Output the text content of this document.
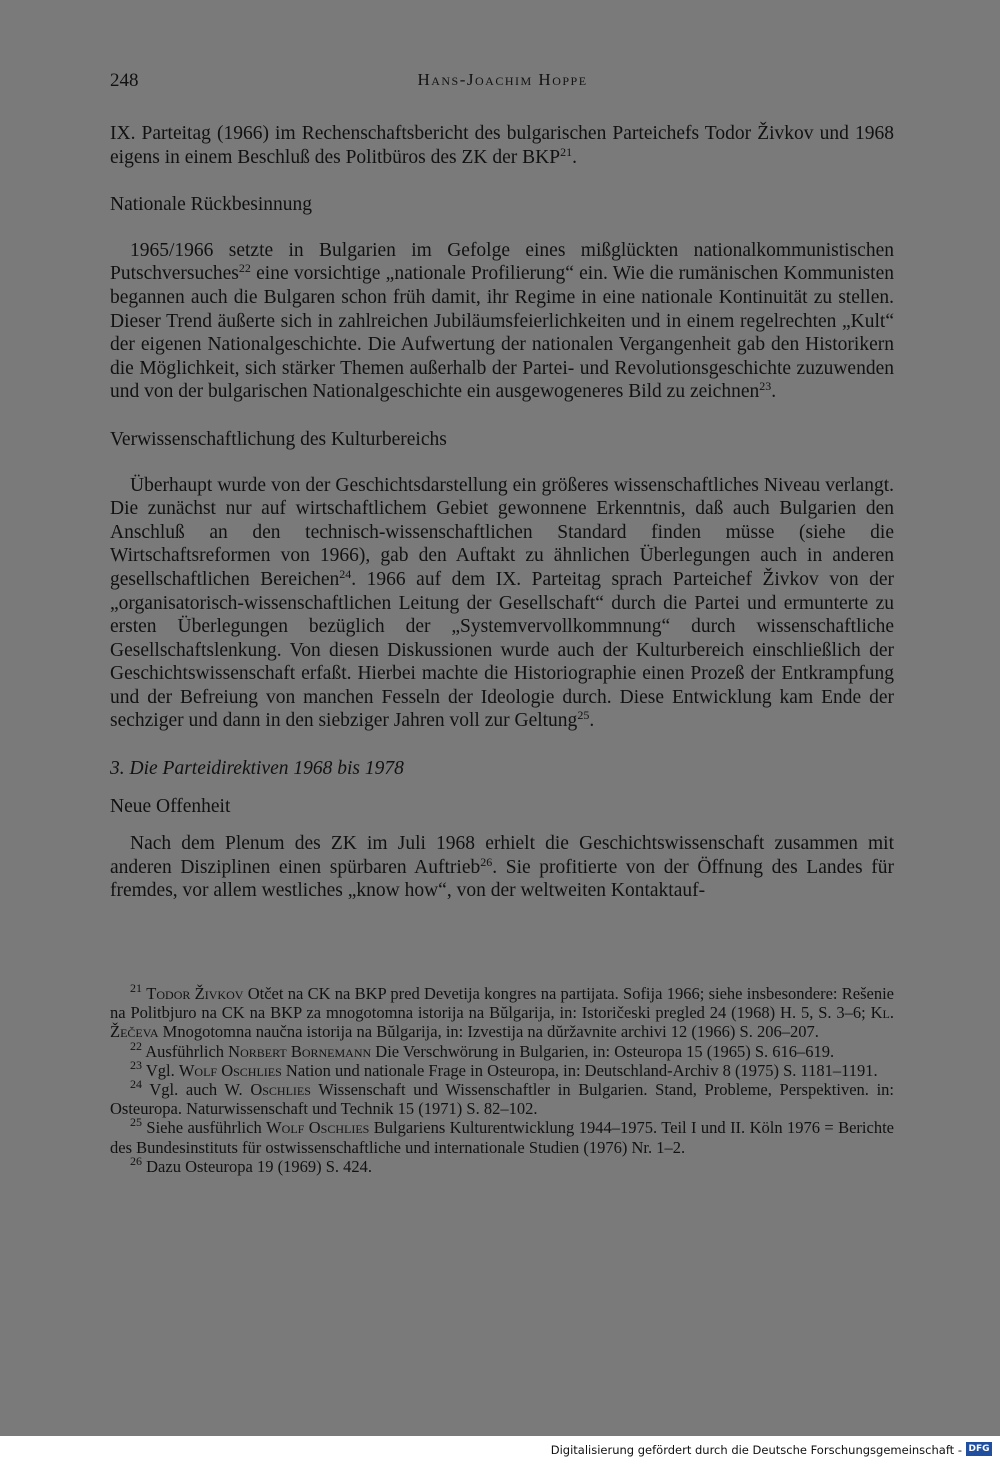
248	Hans-Joachim Hoppe

IX. Parteitag (1966) im Rechenschaftsbericht des bulgarischen Parteichefs Todor Živkov und 1968 eigens in einem Beschluß des Politbüros des ZK der BKP$^{21}$.

Nationale Rückbesinnung

1965/1966 setzte in Bulgarien im Gefolge eines mißglückten nationalkommunistischen Putschversuches$^{22}$ eine vorsichtige „nationale Profilierung“ ein. Wie die rumänischen Kommunisten begannen auch die Bulgaren schon früh damit, ihr Regime in eine nationale Kontinuität zu stellen. Dieser Trend äußerte sich in zahlreichen Jubiläumsfeierlichkeiten und in einem regelrechten „Kult“ der eigenen Nationalgeschichte. Die Aufwertung der nationalen Vergangenheit gab den Historikern die Möglichkeit, sich stärker Themen außerhalb der Partei- und Revolutionsgeschichte zuzuwenden und von der bulgarischen Nationalgeschichte ein ausgewogeneres Bild zu zeichnen$^{23}$.

Verwissenschaftlichung des Kulturbereichs

Überhaupt wurde von der Geschichtsdarstellung ein größeres wissenschaftliches Niveau verlangt. Die zunächst nur auf wirtschaftlichem Gebiet gewonnene Erkenntnis, daß auch Bulgarien den Anschluß an den technisch-wissenschaftlichen Standard finden müsse (siehe die Wirtschaftsreformen von 1966), gab den Auftakt zu ähnlichen Überlegungen auch in anderen gesellschaftlichen Bereichen$^{24}$. 1966 auf dem IX. Parteitag sprach Parteichef Živkov von der „organisatorisch-wissenschaftlichen Leitung der Gesellschaft“ durch die Partei und ermunterte zu ersten Überlegungen bezüglich der „Systemvervollkommnung“ durch wissenschaftliche Gesellschaftslenkung. Von diesen Diskussionen wurde auch der Kulturbereich einschließlich der Geschichtswissenschaft erfaßt. Hierbei machte die Historiographie einen Prozeß der Entkrampfung und der Befreiung von manchen Fesseln der Ideologie durch. Diese Entwicklung kam Ende der sechziger und dann in den siebziger Jahren voll zur Geltung$^{25}$.

3. Die Parteidirektiven 1968 bis 1978
Neue Offenheit

Nach dem Plenum des ZK im Juli 1968 erhielt die Geschichtswissenschaft zusammen mit anderen Disziplinen einen spürbaren Auftrieb$^{26}$. Sie profitierte von der Öffnung des Landes für fremdes, vor allem westliches „know how“, von der weltweiten Kontaktauf-

$^{21}$ Todor Živkov Otčet na CK na BKP pred Devetija kongres na partijata. Sofija 1966; siehe insbesondere: Rešenie na Politbjuro na CK na BKP za mnogotomna istorija na Bŭlgarija, in: Istoričeski pregled 24 (1968) H. 5, S. 3–6; Kl. Žečeva Mnogotomna naučna istorija na Bŭlgarija, in: Izvestija na dŭržavnite archivi 12 (1966) S. 206–207.

$^{22}$ Ausführlich Norbert Bornemann Die Verschwörung in Bulgarien, in: Osteuropa 15 (1965) S. 616–619.

$^{23}$ Vgl. Wolf Oschlies Nation und nationale Frage in Osteuropa, in: Deutschland-Archiv 8 (1975) S. 1181–1191.

$^{24}$ Vgl. auch W. Oschlies Wissenschaft und Wissenschaftler in Bulgarien. Stand, Probleme, Perspektiven. in: Osteuropa. Naturwissenschaft und Technik 15 (1971) S. 82–102.

$^{25}$ Siehe ausführlich Wolf Oschlies Bulgariens Kulturentwicklung 1944–1975. Teil I und II. Köln 1976 = Berichte des Bundesinstituts für ostwissenschaftliche und internationale Studien (1976) Nr. 1–2.

$^{26}$ Dazu Osteuropa 19 (1969) S. 424.

Digitalisierung gefördert durch die Deutsche Forschungsgemeinschaft - DFG
